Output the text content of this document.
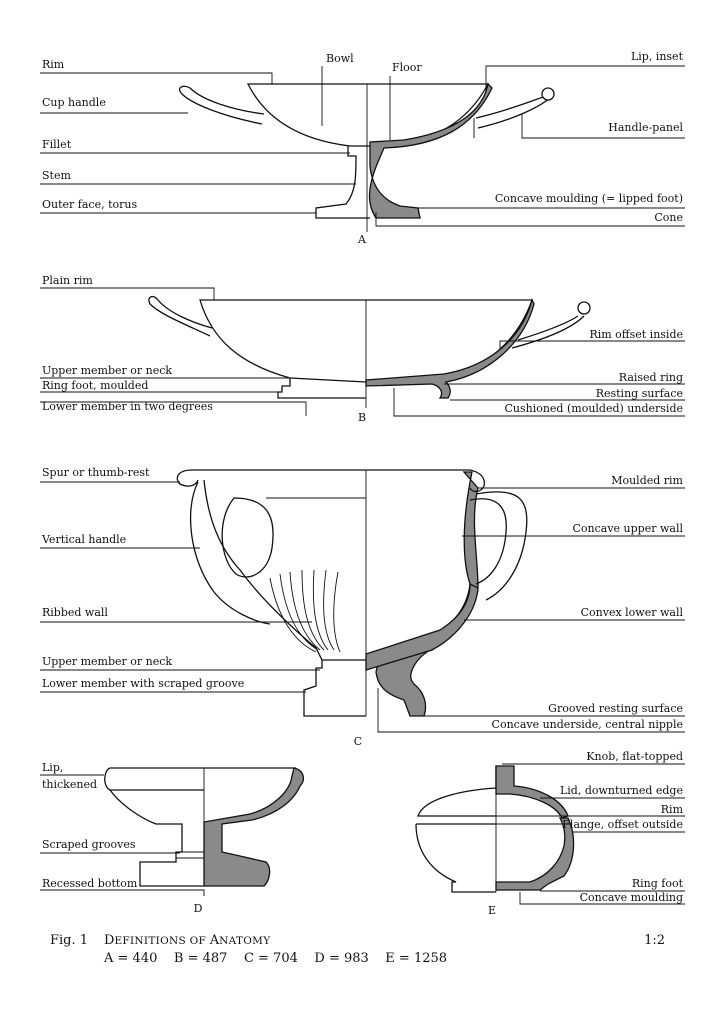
Rim
Cup handle
Fillet
Stem
Outer face, torus
Bowl
Floor
Lip, inset
Handle-panel
Concave moulding (= lipped foot)
Cone
A
Plain rim
Upper member or neck
Ring foot, moulded
Lower member in two degrees
Rim offset inside
Raised ring
Resting surface
Cushioned (moulded) underside
B
Spur or thumb-rest
Vertical handle
Ribbed wall
Upper member or neck
Lower member with scraped groove
Moulded rim
Concave upper wall
Convex lower wall
Grooved resting surface
Concave underside, central nipple
C
Lip,
thickened
Scraped grooves
Recessed bottom
D
Knob, flat-topped
Lid, downturned edge
Rim
Flange, offset outside
Ring foot
Concave moulding
E
Fig. 1 DEFINITIONS OF ANATOMY
A = 440    B = 487    C = 704    D = 983    E = 1258
1:2
